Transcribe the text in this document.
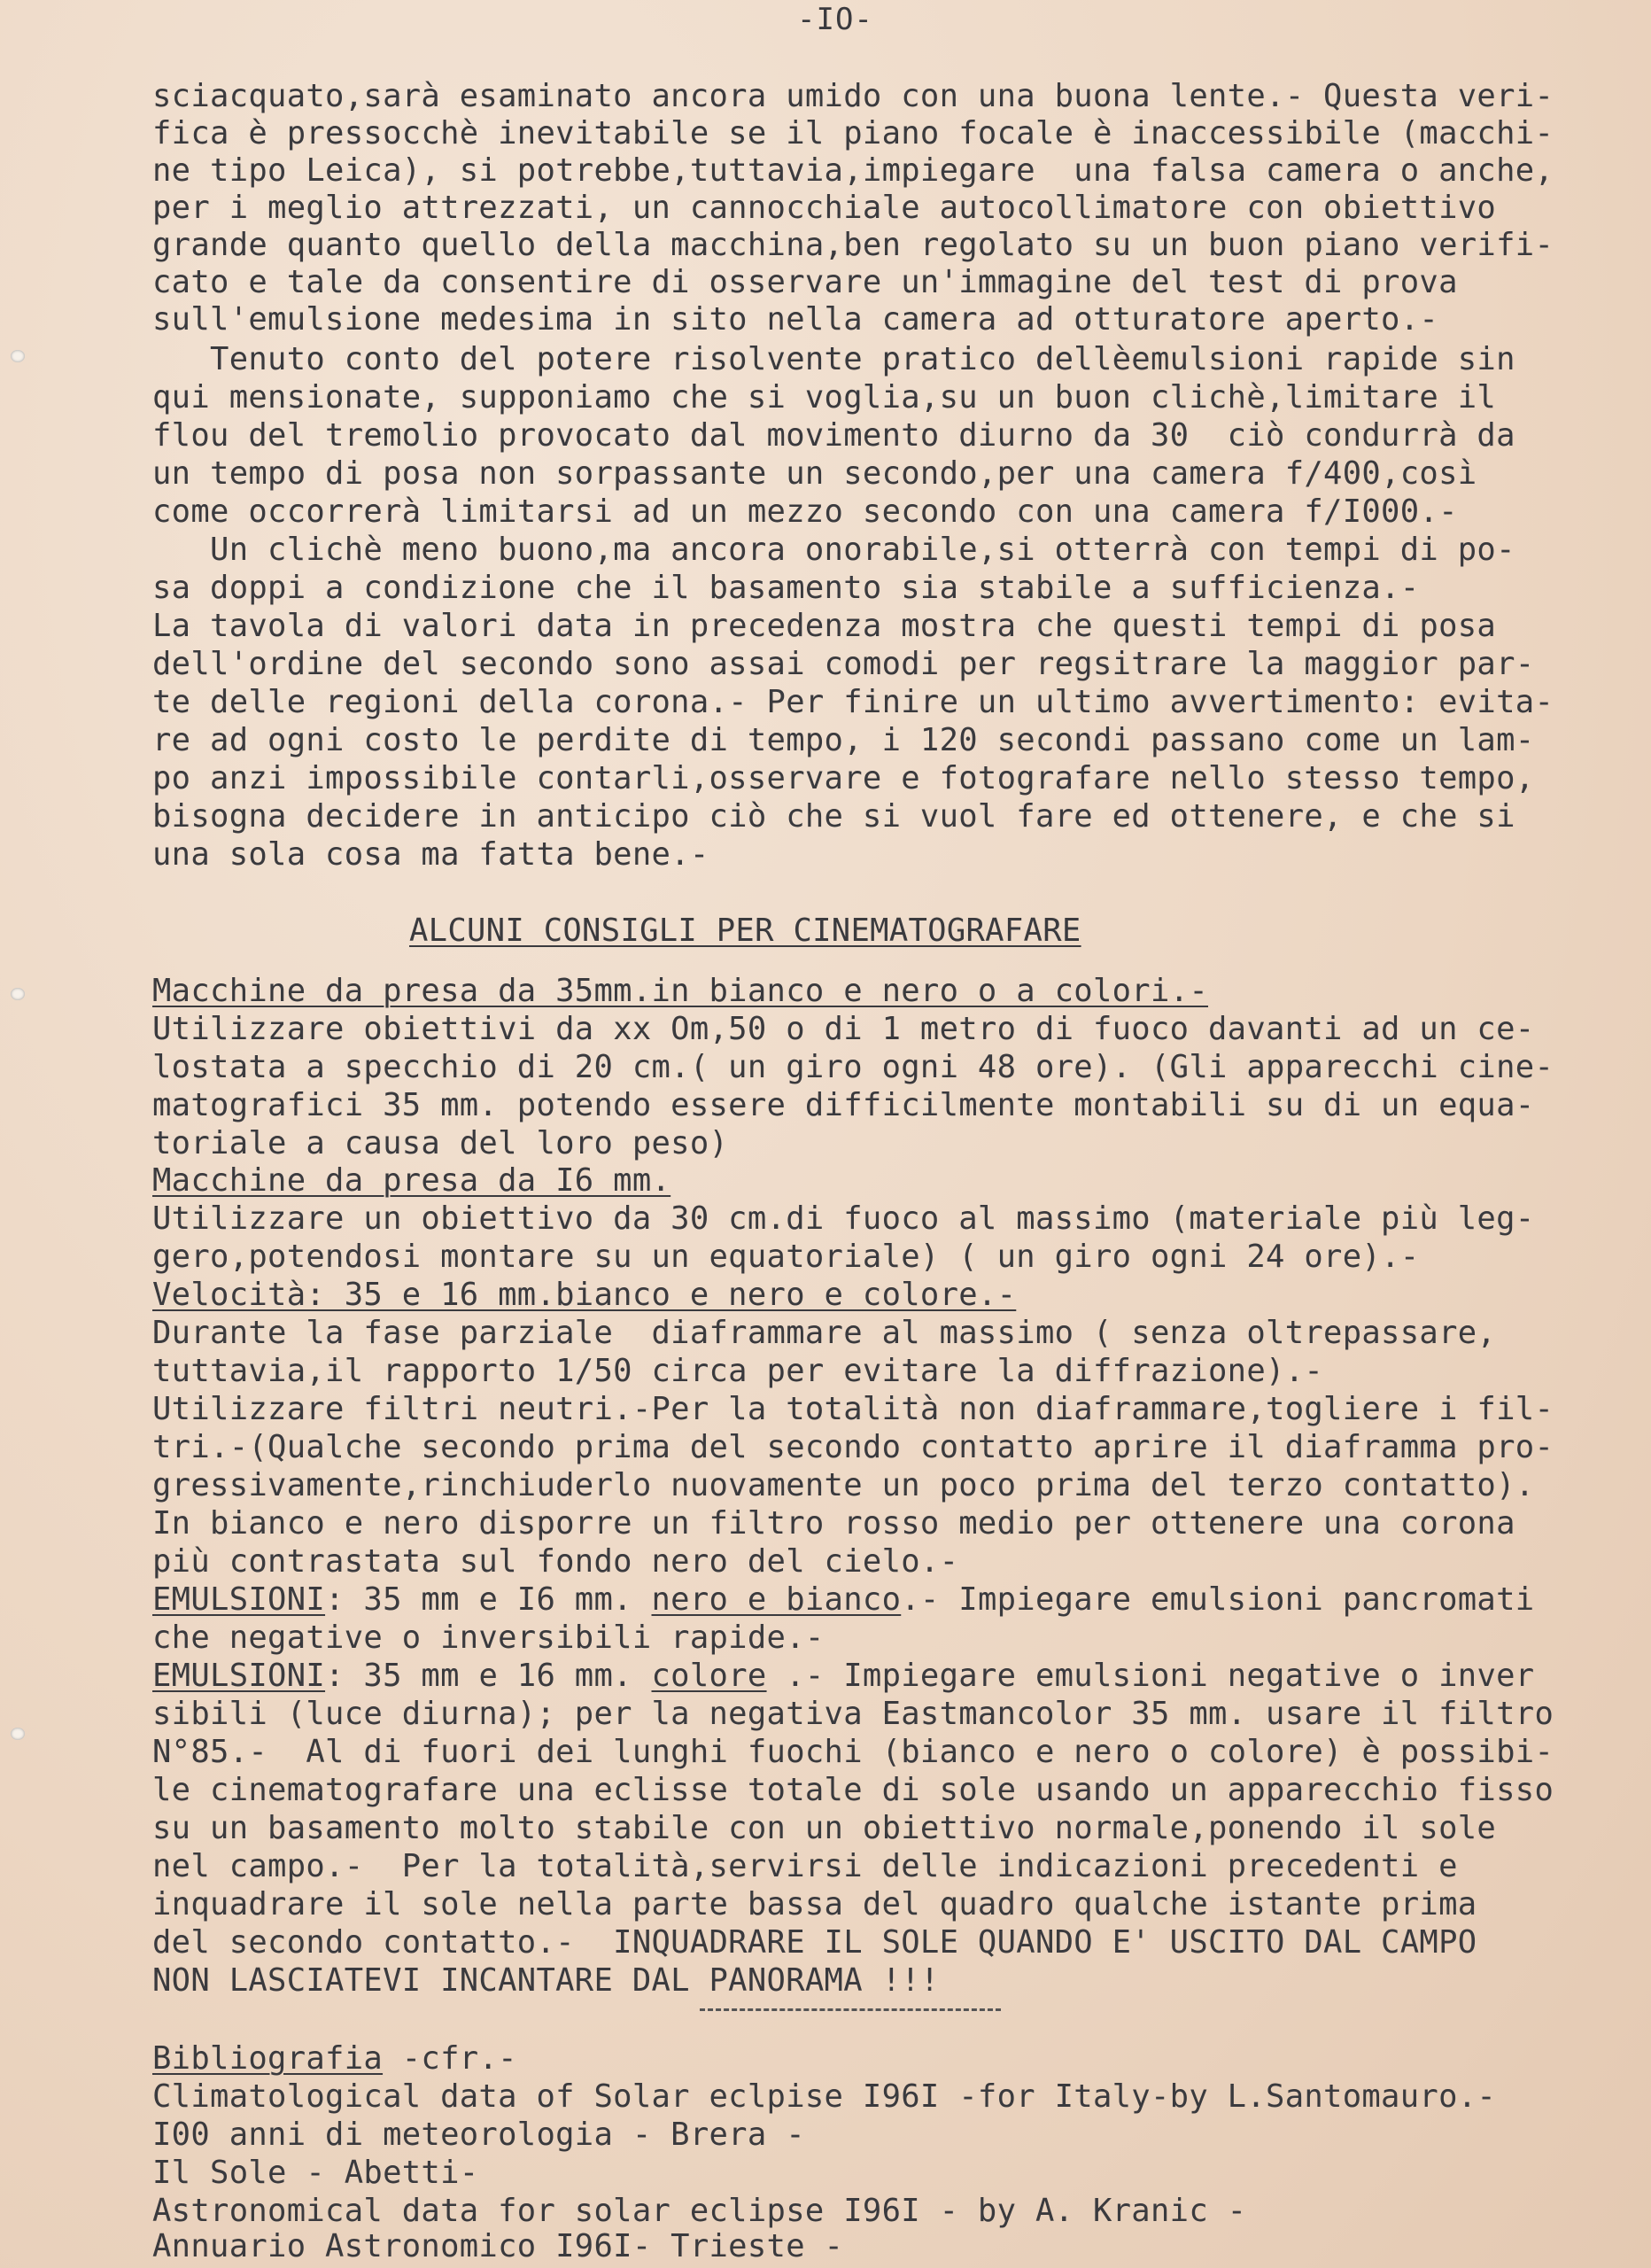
-IO-

sciacquato,sarà esaminato ancora umido con una buona lente.- Questa veri-

fica è pressocchè inevitabile se il piano focale è inaccessibile (macchi-

ne tipo Leica), si potrebbe,tuttavia,impiegare  una falsa camera o anche,

per i meglio attrezzati, un cannocchiale autocollimatore con obiettivo

grande quanto quello della macchina,ben regolato su un buon piano verifi-

cato e tale da consentire di osservare un'immagine del test di prova

sull'emulsione medesima in sito nella camera ad otturatore aperto.-

Tenuto conto del potere risolvente pratico dellèemulsioni rapide sin

qui mensionate, supponiamo che si voglia,su un buon clichè,limitare il

flou del tremolio provocato dal movimento diurno da 30  ciò condurrà da

un tempo di posa non sorpassante un secondo,per una camera f/400,così

come occorrerà limitarsi ad un mezzo secondo con una camera f/I000.-

Un clichè meno buono,ma ancora onorabile,si otterrà con tempi di po-

sa doppi a condizione che il basamento sia stabile a sufficienza.-

La tavola di valori data in precedenza mostra che questi tempi di posa

dell'ordine del secondo sono assai comodi per regsitrare la maggior par-

te delle regioni della corona.- Per finire un ultimo avvertimento: evita-

re ad ogni costo le perdite di tempo, i 120 secondi passano come un lam-

po anzi impossibile contarli,osservare e fotografare nello stesso tempo,

bisogna decidere in anticipo ciò che si vuol fare ed ottenere, e che si

una sola cosa ma fatta bene.-

ALCUNI CONSIGLI PER CINEMATOGRAFARE

Macchine da presa da 35mm.in bianco e nero o a colori.-

Utilizzare obiettivi da xx Om,50 o di 1 metro di fuoco davanti ad un ce-

lostata a specchio di 20 cm.( un giro ogni 48 ore). (Gli apparecchi cine-

matografici 35 mm. potendo essere difficilmente montabili su di un equa-

toriale a causa del loro peso)

Macchine da presa da I6 mm.

Utilizzare un obiettivo da 30 cm.di fuoco al massimo (materiale più leg-

gero,potendosi montare su un equatoriale) ( un giro ogni 24 ore).-

Velocità: 35 e 16 mm.bianco e nero e colore.-

Durante la fase parziale  diaframmare al massimo ( senza oltrepassare,

tuttavia,il rapporto 1/50 circa per evitare la diffrazione).-

Utilizzare filtri neutri.-Per la totalità non diaframmare,togliere i fil-

tri.-(Qualche secondo prima del secondo contatto aprire il diaframma pro-

gressivamente,rinchiuderlo nuovamente un poco prima del terzo contatto).

In bianco e nero disporre un filtro rosso medio per ottenere una corona

più contrastata sul fondo nero del cielo.-

EMULSIONI: 35 mm e I6 mm. nero e bianco.- Impiegare emulsioni pancromati

che negative o inversibili rapide.-

EMULSIONI: 35 mm e 16 mm. colore .- Impiegare emulsioni negative o inver

sibili (luce diurna); per la negativa Eastmancolor 35 mm. usare il filtro

N°85.-  Al di fuori dei lunghi fuochi (bianco e nero o colore) è possibi-

le cinematografare una eclisse totale di sole usando un apparecchio fisso

su un basamento molto stabile con un obiettivo normale,ponendo il sole

nel campo.-  Per la totalità,servirsi delle indicazioni precedenti e

inquadrare il sole nella parte bassa del quadro qualche istante prima

del secondo contatto.-  INQUADRARE IL SOLE QUANDO E' USCITO DAL CAMPO

NON LASCIATEVI INCANTARE DAL PANORAMA !!!

Bibliografia -cfr.-

Climatological data of Solar eclpise I96I -for Italy-by L.Santomauro.-

I00 anni di meteorologia - Brera -

Il Sole - Abetti-

Astronomical data for solar eclipse I96I - by A. Kranic -

Annuario Astronomico I96I- Trieste -
